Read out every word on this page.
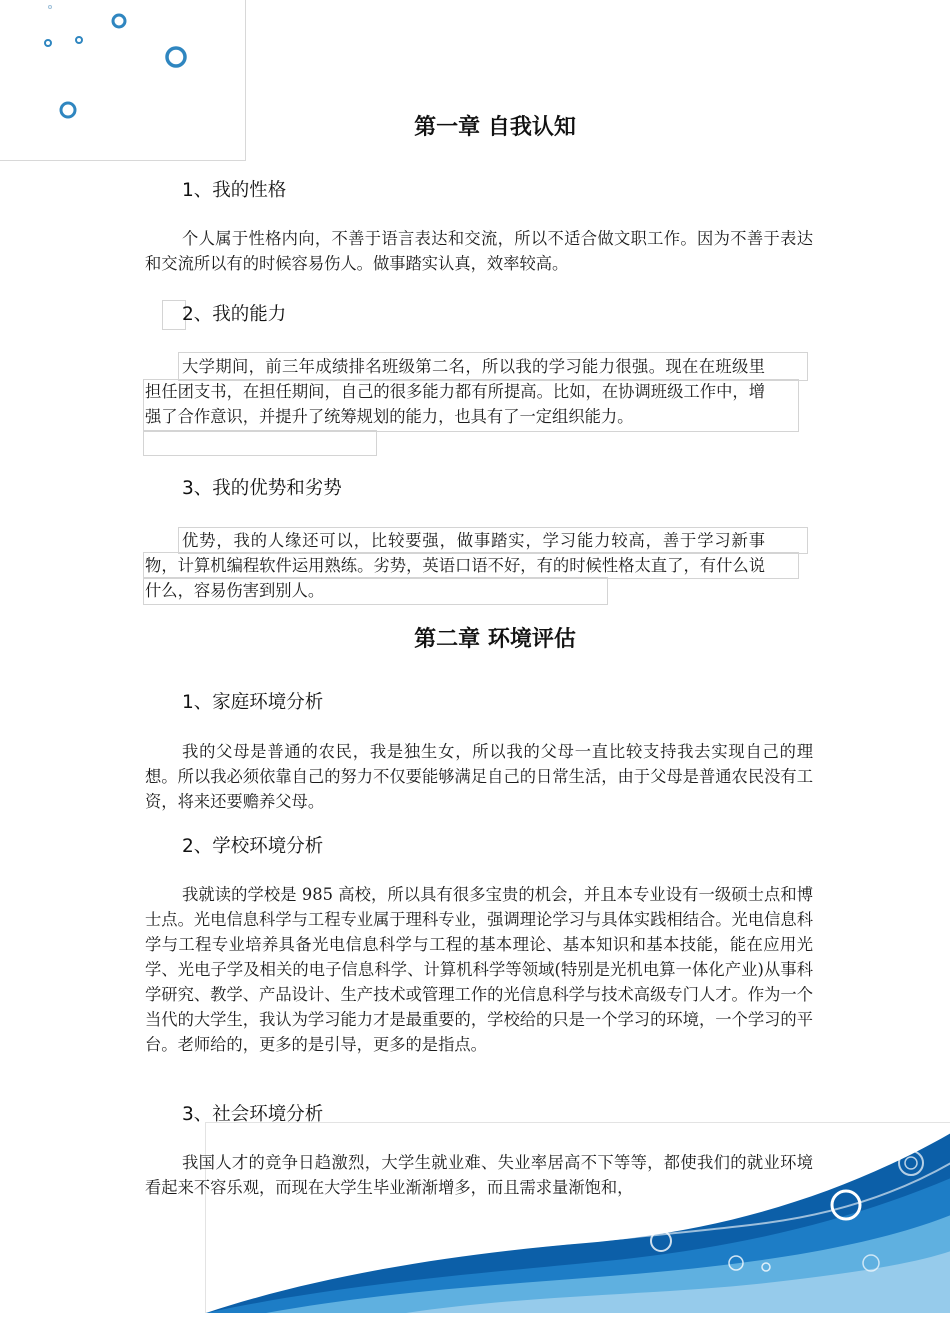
第一章 自我认知
1、我的性格

个人属于性格内向，不善于语言表达和交流，所以不适合做文职工作。因为不善于表达和交流所以有的时候容易伤人。做事踏实认真，效率较高。

2、我的能力

大学期间，前三年成绩排名班级第二名，所以我的学习能力很强。现在在班级里担任团支书，在担任期间，自己的很多能力都有所提高。比如，在协调班级工作中，增强了合作意识，并提升了统筹规划的能力，也具有了一定组织能力。

3、我的优势和劣势

优势，我的人缘还可以，比较要强，做事踏实，学习能力较高，善于学习新事物，计算机编程软件运用熟练。劣势，英语口语不好，有的时候性格太直了，有什么说什么，容易伤害到别人。

第二章 环境评估
1、家庭环境分析

我的父母是普通的农民，我是独生女，所以我的父母一直比较支持我去实现自己的理想。所以我必须依靠自己的努力不仅要能够满足自己的日常生活，由于父母是普通农民没有工资，将来还要赡养父母。

2、学校环境分析

我就读的学校是 985 高校，所以具有很多宝贵的机会，并且本专业设有一级硕士点和博士点。光电信息科学与工程专业属于理科专业，强调理论学习与具体实践相结合。光电信息科学与工程专业培养具备光电信息科学与工程的基本理论、基本知识和基本技能，能在应用光学、光电子学及相关的电子信息科学、计算机科学等领域(特别是光机电算一体化产业)从事科学研究、教学、产品设计、生产技术或管理工作的光信息科学与技术高级专门人才。作为一个当代的大学生，我认为学习能力才是最重要的，学校给的只是一个学习的环境，一个学习的平台。老师给的，更多的是引导，更多的是指点。

3、社会环境分析

我国人才的竞争日趋激烈，大学生就业难、失业率居高不下等等，都使我们的就业环境看起来不容乐观，而现在大学生毕业渐渐增多，而且需求量渐饱和，
